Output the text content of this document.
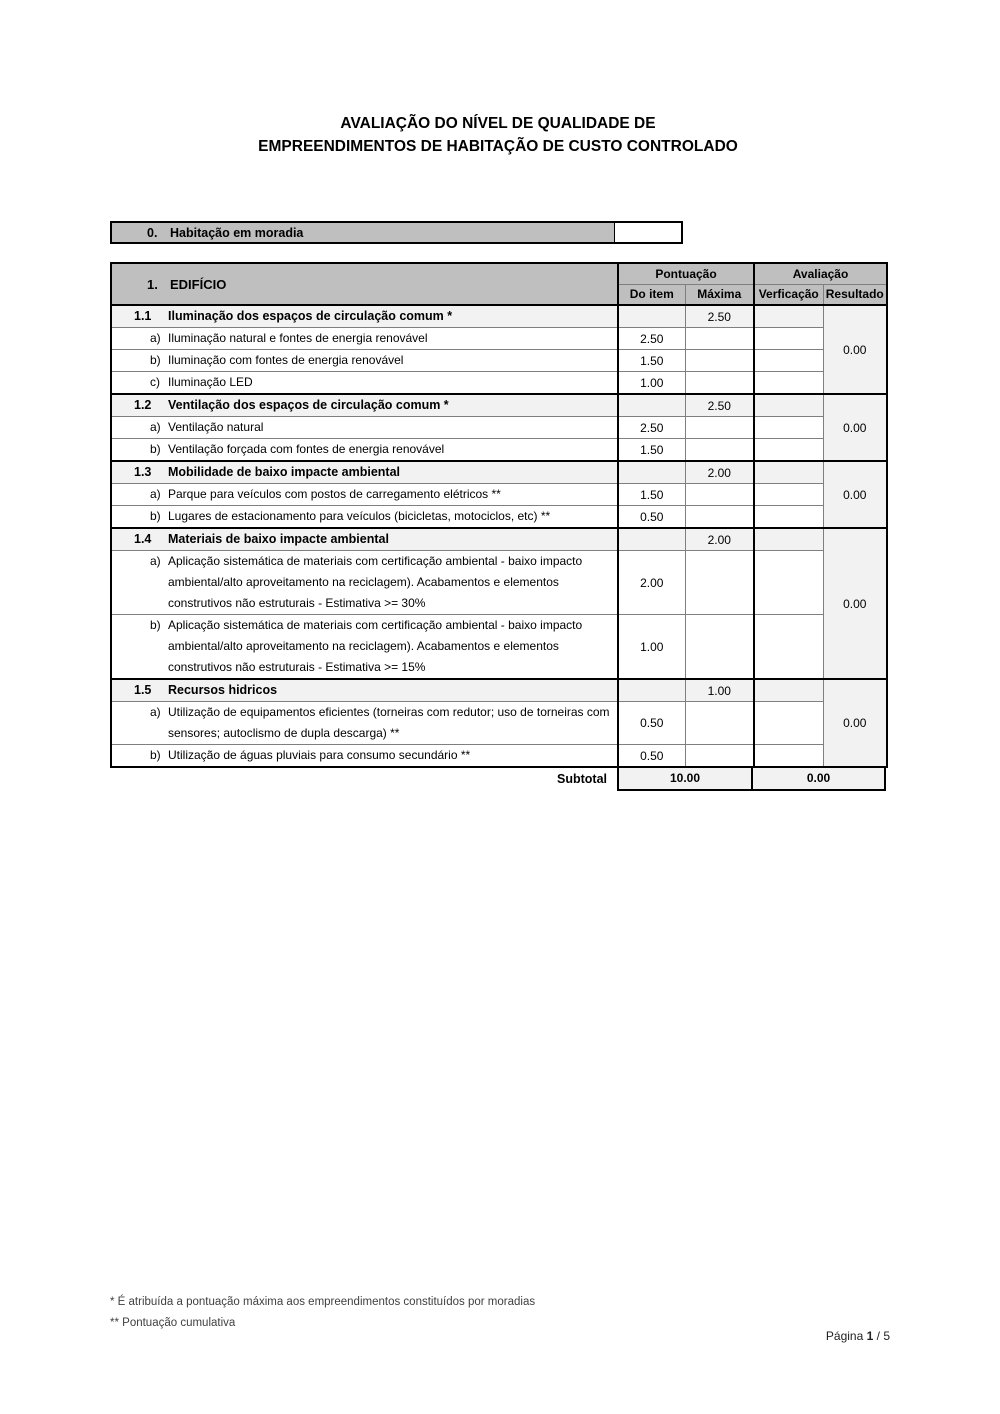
AVALIAÇÃO DO NÍVEL DE QUALIDADE DE
EMPREENDIMENTOS DE HABITAÇÃO DE CUSTO CONTROLADO
0.	Habitação em moradia
1. EDIFÍCIO	Pontuação		Avaliação	
	Do item	Máxima	Verficação	Resultado

1.1 Iluminação dos espaços de circulação comum *		2.50		0.00

a) Iluminação natural e fontes de energia renovável	2.50			

b) Iluminação com fontes de energia renovável	1.50			

c) Iluminação LED	1.00			

1.2 Ventilação dos espaços de circulação comum *		2.50		0.00

a) Ventilação natural	2.50			

b) Ventilação forçada com fontes de energia renovável	1.50			

1.3 Mobilidade de baixo impacte ambiental		2.00		0.00

a) Parque para veículos com postos de carregamento elétricos **	1.50			

b) Lugares de estacionamento para veículos (bicicletas, motociclos, etc) **	0.50			

1.4 Materiais de baixo impacte ambiental		2.00		0.00

a) Aplicação sistemática de materiais com certificação ambiental - baixo impacto ambiental/alto aproveitamento na reciclagem). Acabamentos e elementos construtivos não estruturais - Estimativa >= 30%	2.00			

b) Aplicação sistemática de materiais com certificação ambiental - baixo impacto ambiental/alto aproveitamento na reciclagem). Acabamentos e elementos construtivos não estruturais - Estimativa >= 15%	1.00			

1.5 Recursos hidricos		1.00		0.00

a) Utilização de equipamentos eficientes (torneiras com redutor; uso de torneiras com sensores; autoclismo de dupla descarga) **	0.50			

b) Utilização de águas pluviais para consumo secundário **	0.50			
Subtotal	10.00	0.00
* É atribuída a pontuação máxima aos empreendimentos constituídos por moradias
** Pontuação cumulativa
Página 1 / 5
